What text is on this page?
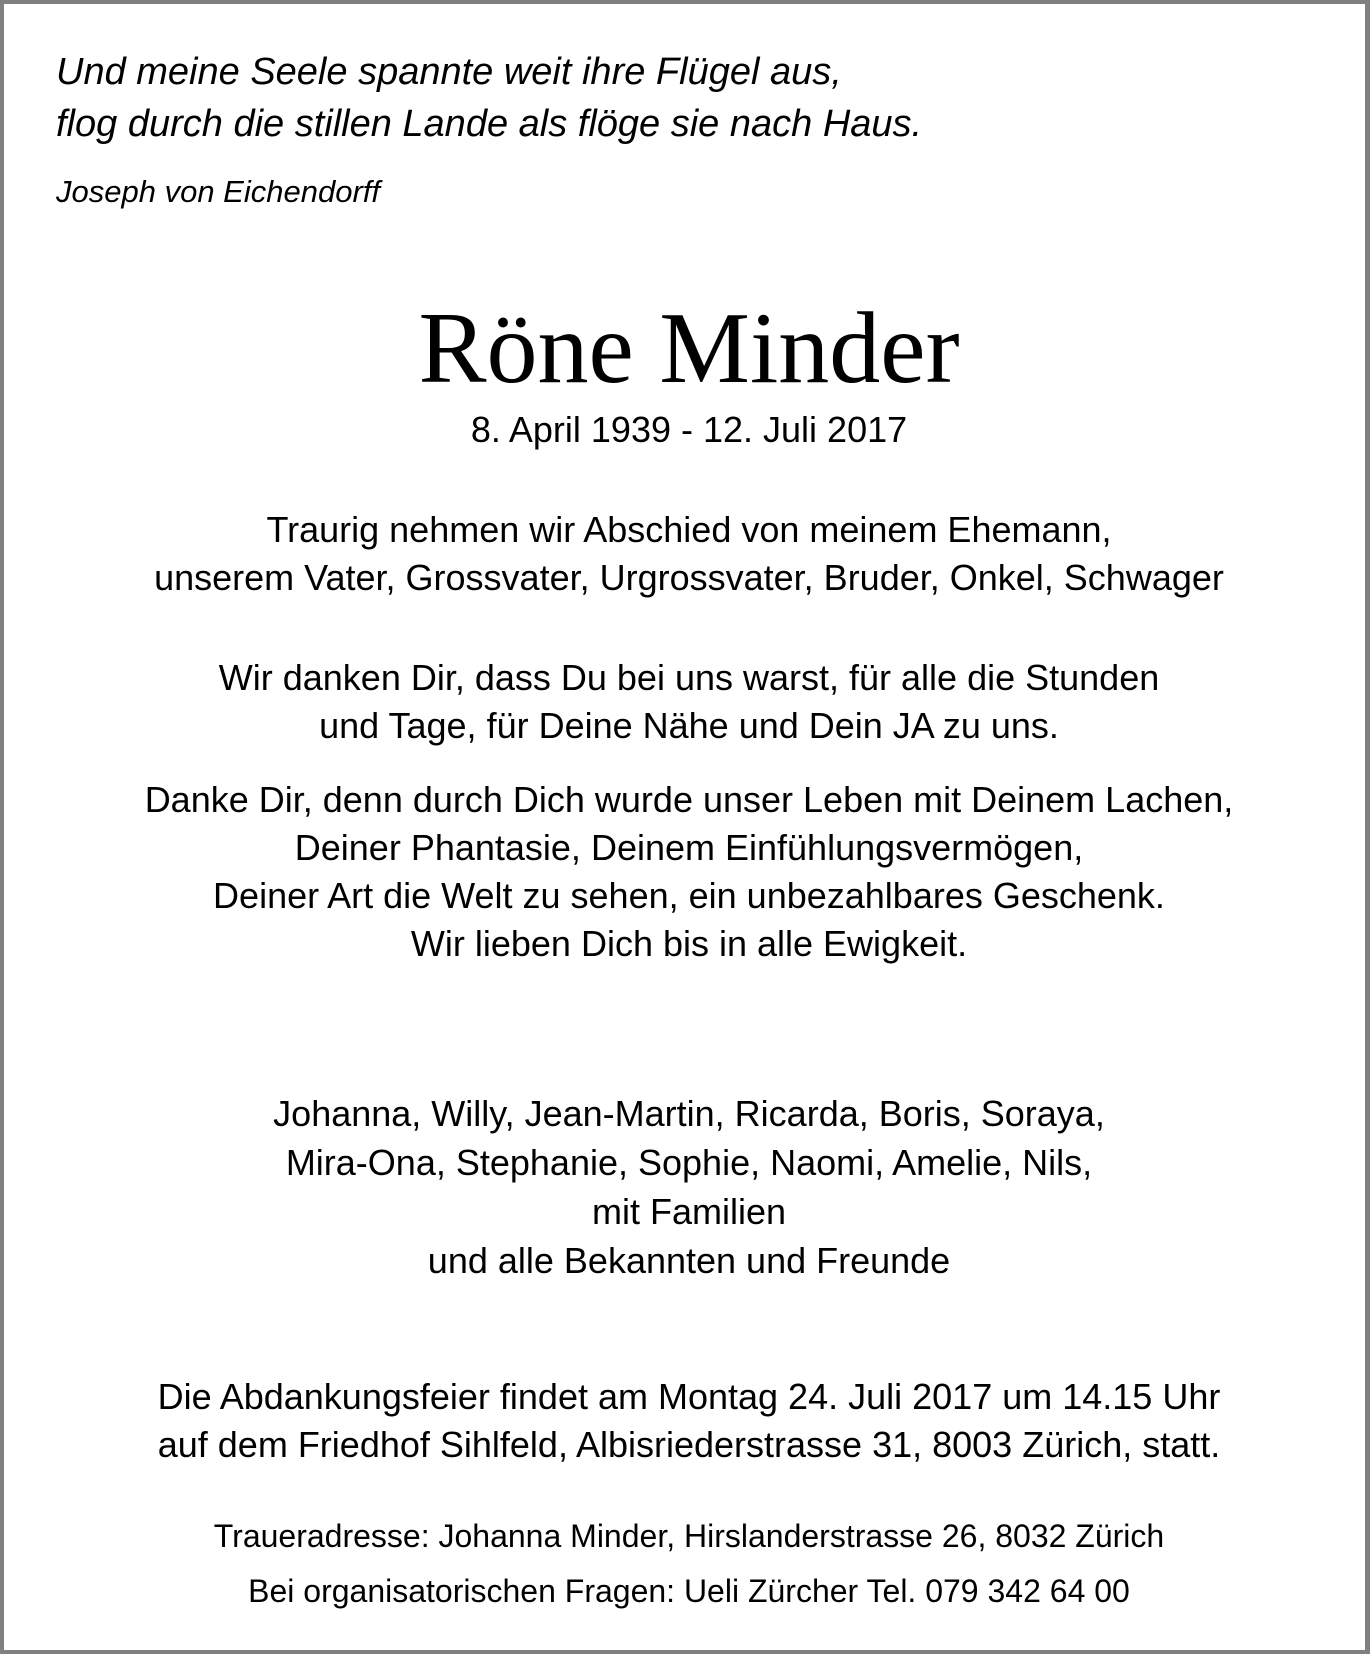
Und meine Seele spannte weit ihre Flügel aus,
flog durch die stillen Lande als flöge sie nach Haus.
Joseph von Eichendorff
Röne Minder
8. April 1939 - 12. Juli 2017
Traurig nehmen wir Abschied von meinem Ehemann,
unserem Vater, Grossvater, Urgrossvater, Bruder, Onkel, Schwager
Wir danken Dir, dass Du bei uns warst, für alle die Stunden
und Tage, für Deine Nähe und Dein JA zu uns.
Danke Dir, denn durch Dich wurde unser Leben mit Deinem Lachen,
Deiner Phantasie, Deinem Einfühlungsvermögen,
Deiner Art die Welt zu sehen, ein unbezahlbares Geschenk.
Wir lieben Dich bis in alle Ewigkeit.
Johanna, Willy, Jean-Martin, Ricarda, Boris, Soraya,
Mira-Ona, Stephanie, Sophie, Naomi, Amelie, Nils,
mit Familien
und alle Bekannten und Freunde
Die Abdankungsfeier findet am Montag 24. Juli 2017 um 14.15 Uhr
auf dem Friedhof Sihlfeld, Albisriederstrasse 31, 8003 Zürich, statt.
Traueradresse: Johanna Minder, Hirslanderstrasse 26, 8032 Zürich
Bei organisatorischen Fragen: Ueli Zürcher Tel. 079 342 64 00
